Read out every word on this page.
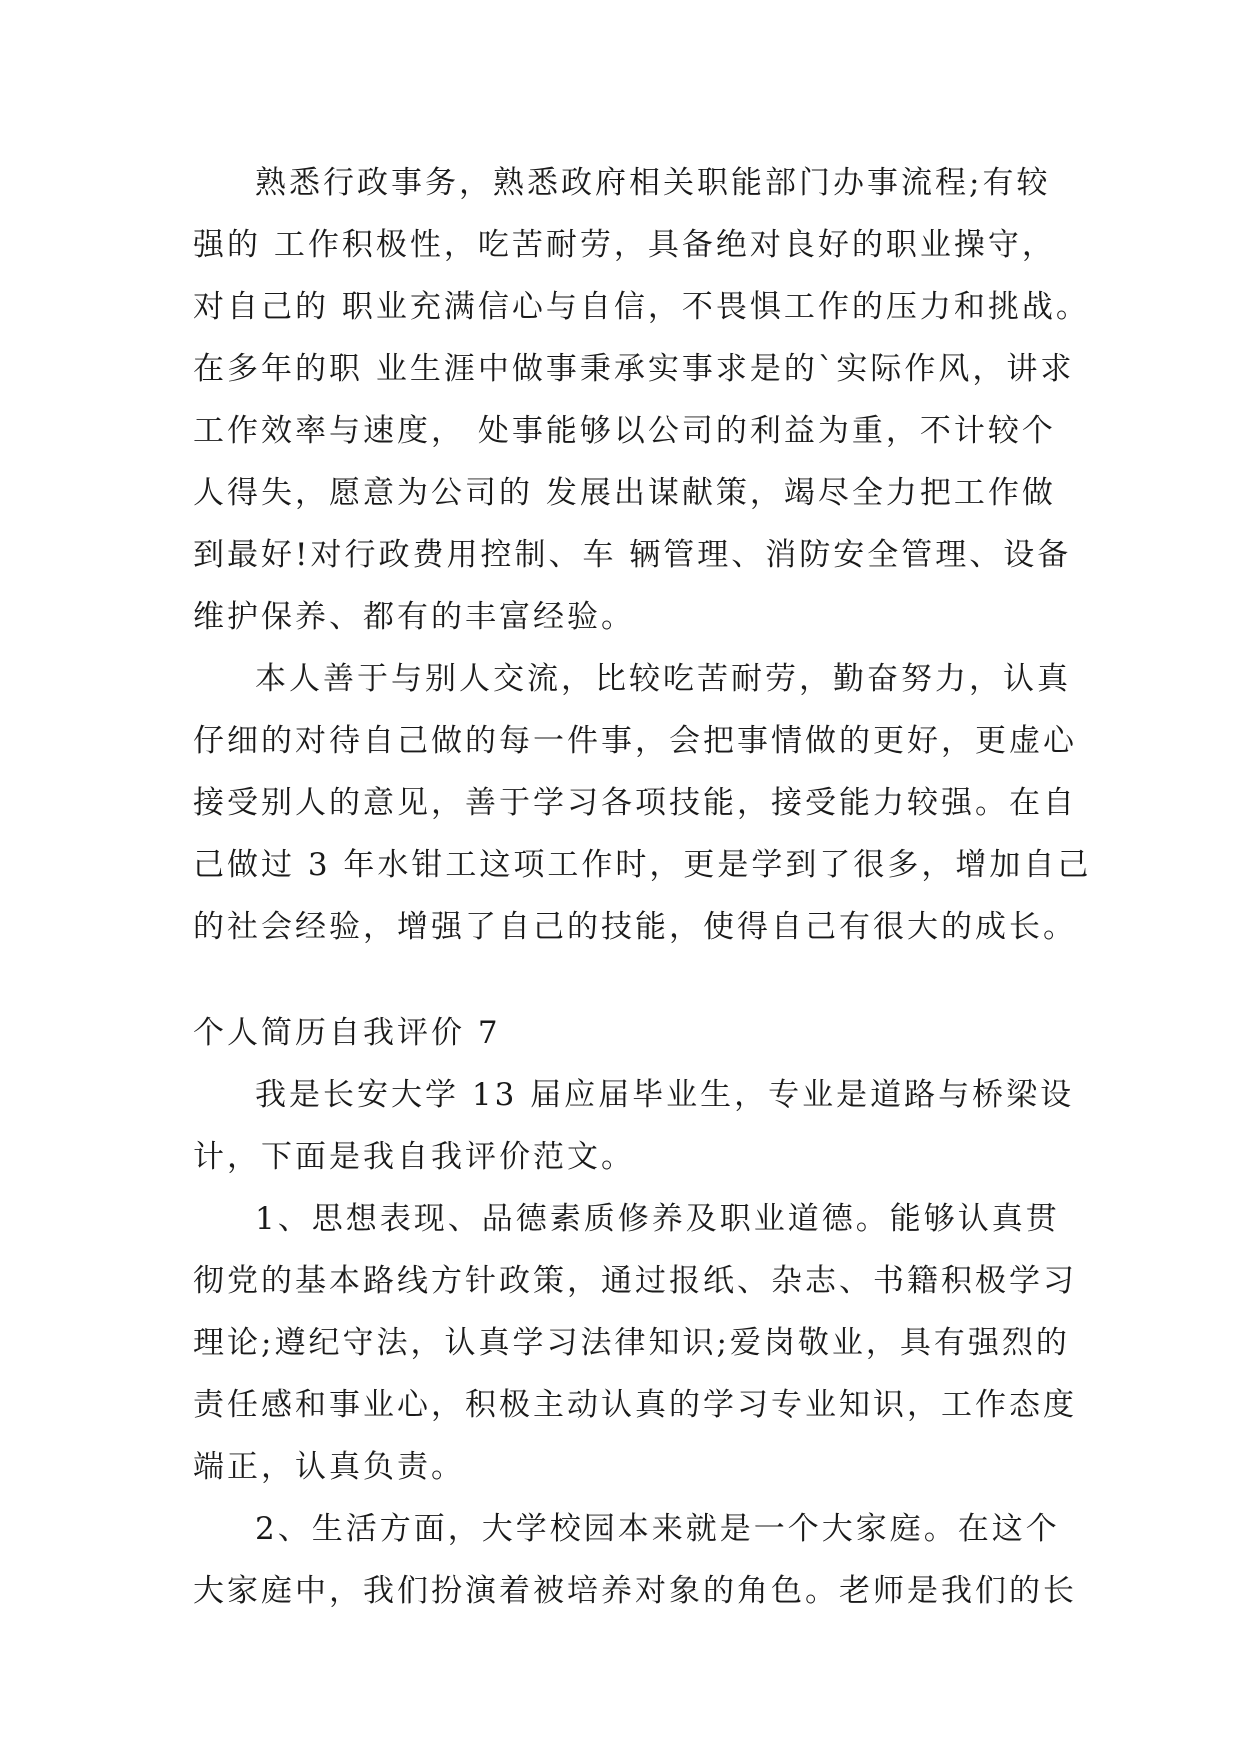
熟悉行政事务，熟悉政府相关职能部门办事流程;有较
强的 工作积极性，吃苦耐劳，具备绝对良好的职业操守，
对自己的 职业充满信心与自信，不畏惧工作的压力和挑战。
在多年的职 业生涯中做事秉承实事求是的`实际作风，讲求
工作效率与速度， 处事能够以公司的利益为重，不计较个
人得失，愿意为公司的 发展出谋献策，竭尽全力把工作做
到最好!对行政费用控制、车 辆管理、消防安全管理、设备
维护保养、都有的丰富经验。
本人善于与别人交流，比较吃苦耐劳，勤奋努力，认真
仔细的对待自己做的每一件事，会把事情做的更好，更虚心
接受别人的意见，善于学习各项技能，接受能力较强。在自
己做过 3 年水钳工这项工作时，更是学到了很多，增加自己
的社会经验，增强了自己的技能，使得自己有很大的成长。
个人简历自我评价 7
我是长安大学 13 届应届毕业生，专业是道路与桥梁设
计，下面是我自我评价范文。
1、思想表现、品德素质修养及职业道德。能够认真贯
彻党的基本路线方针政策，通过报纸、杂志、书籍积极学习
理论;遵纪守法，认真学习法律知识;爱岗敬业，具有强烈的
责任感和事业心，积极主动认真的学习专业知识，工作态度
端正，认真负责。
2、生活方面，大学校园本来就是一个大家庭。在这个
大家庭中，我们扮演着被培养对象的角色。老师是我们的长
